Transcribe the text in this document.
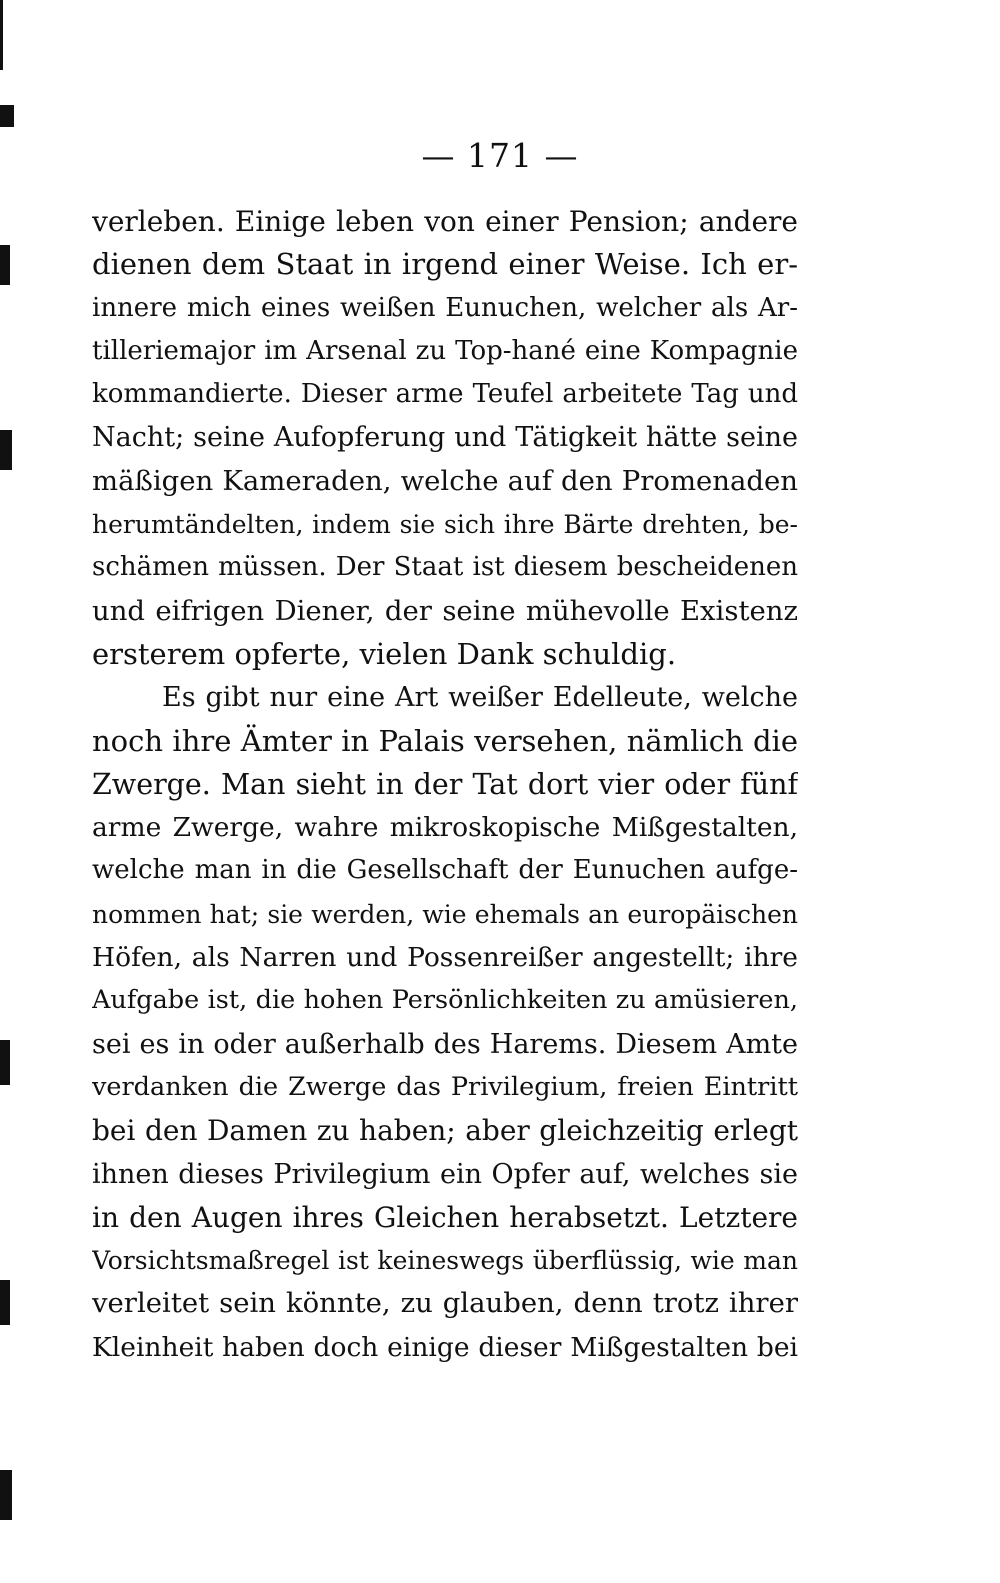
— 171 —
verleben. Einige leben von einer Pension; andere
dienen dem Staat in irgend einer Weise. Ich er-
innere mich eines weißen Eunuchen, welcher als Ar-
tilleriemajor im Arsenal zu Top-hané eine Kompagnie
kommandierte. Dieser arme Teufel arbeitete Tag und
Nacht; seine Aufopferung und Tätigkeit hätte seine
mäßigen Kameraden, welche auf den Promenaden
herumtändelten, indem sie sich ihre Bärte drehten, be-
schämen müssen. Der Staat ist diesem bescheidenen
und eifrigen Diener, der seine mühevolle Existenz
ersterem opferte, vielen Dank schuldig.
Es gibt nur eine Art weißer Edelleute, welche
noch ihre Ämter in Palais versehen, nämlich die
Zwerge. Man sieht in der Tat dort vier oder fünf
arme Zwerge, wahre mikroskopische Mißgestalten,
welche man in die Gesellschaft der Eunuchen aufge-
nommen hat; sie werden, wie ehemals an europäischen
Höfen, als Narren und Possenreißer angestellt; ihre
Aufgabe ist, die hohen Persönlichkeiten zu amüsieren,
sei es in oder außerhalb des Harems. Diesem Amte
verdanken die Zwerge das Privilegium, freien Eintritt
bei den Damen zu haben; aber gleichzeitig erlegt
ihnen dieses Privilegium ein Opfer auf, welches sie
in den Augen ihres Gleichen herabsetzt. Letztere
Vorsichtsmaßregel ist keineswegs überflüssig, wie man
verleitet sein könnte, zu glauben, denn trotz ihrer
Kleinheit haben doch einige dieser Mißgestalten bei
